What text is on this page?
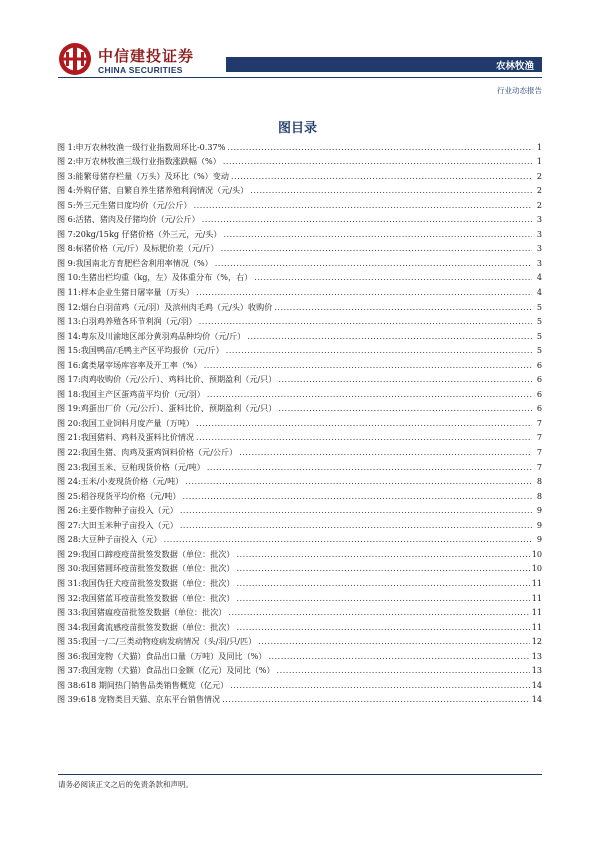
中信建投证券
CHINA SECURITIES	农林牧渔
行业动态报告
图目录
图 1:申万农林牧渔一级行业指数周环比-0.37% .....	1
图 2:申万农林牧渔三级行业指数涨跌幅（%） .....	1
图 3:能繁母猪存栏量（万头）及环比（%）变动 .....	2
图 4:外购仔猪、自繁自养生猪养殖利润情况（元/头） .....	2
图 5:外三元生猪日度均价（元/公斤） .....	2
图 6:活猪、猪肉及仔猪均价（元/公斤） .....	3
图 7:20kg/15kg 仔猪价格（外三元，元/头） .....	3
图 8:标猪价格（元/斤）及标肥价差（元/斤） .....	3
图 9:我国南北方育肥栏舍利用率情况（%） .....	3
图 10:生猪出栏均重（kg，左）及体重分布（%，右） .....	4
图 11:样本企业生猪日屠宰量（万头） .....	4
图 12:烟台白羽苗鸡（元/羽）及滨州肉毛鸡（元/头）收购价 .....	5
图 13:白羽鸡养殖各环节利润（元/羽） .....	5
图 14:粤东及川渝地区部分黄羽鸡品种均价（元/斤） .....	5
图 15:我国鸭苗/毛鸭主产区平均报价（元/斤） .....	5
图 16:禽类屠宰场库容率及开工率（%） .....	6
图 17:肉鸡收购价（元/公斤）、鸡料比价、预期盈利（元/只） .....	6
图 18:我国主产区蛋鸡苗平均价（元/羽） .....	6
图 19:鸡蛋出厂价（元/公斤）、蛋料比价、预期盈利（元/只） .....	6
图 20:我国工业饲料月度产量（万吨） .....	7
图 21:我国猪料、鸡料及蛋料比价情况 .....	7
图 22:我国生猪、肉鸡及蛋鸡饲料价格（元/公斤） .....	7
图 23:我国玉米、豆粕现货价格（元/吨） .....	7
图 24:玉米/小麦现货价格（元/吨） .....	8
图 25:稻谷现货平均价格（元/吨） .....	8
图 26:主要作物种子亩投入（元） .....	9
图 27:大田玉米种子亩投入（元） .....	9
图 28:大豆种子亩投入（元） .....	9
图 29:我国口蹄疫疫苗批签发数据（单位：批次） .....	10
图 30:我国猪圆环疫苗批签发数据（单位：批次） .....	10
图 31:我国伪狂犬疫苗批签发数据（单位：批次） .....	11
图 32:我国猪蓝耳疫苗批签发数据（单位：批次） .....	11
图 33:我国猪瘟疫苗批签发数据（单位：批次） .....	11
图 34:我国禽流感疫苗批签发数据（单位：批次） .....	11
图 35:我国一/二/三类动物疫病发病情况（头/羽/只/匹） .....	12
图 36:我国宠物（犬猫）食品出口量（万吨）及同比（%） .....	13
图 37:我国宠物（犬猫）食品出口金额（亿元）及同比（%） .....	13
图 38:618 期间热门销售品类销售概览（亿元） .....	14
图 39:618 宠物类目天猫、京东平台销售情况 .....	14
请务必阅读正文之后的免责条款和声明。
